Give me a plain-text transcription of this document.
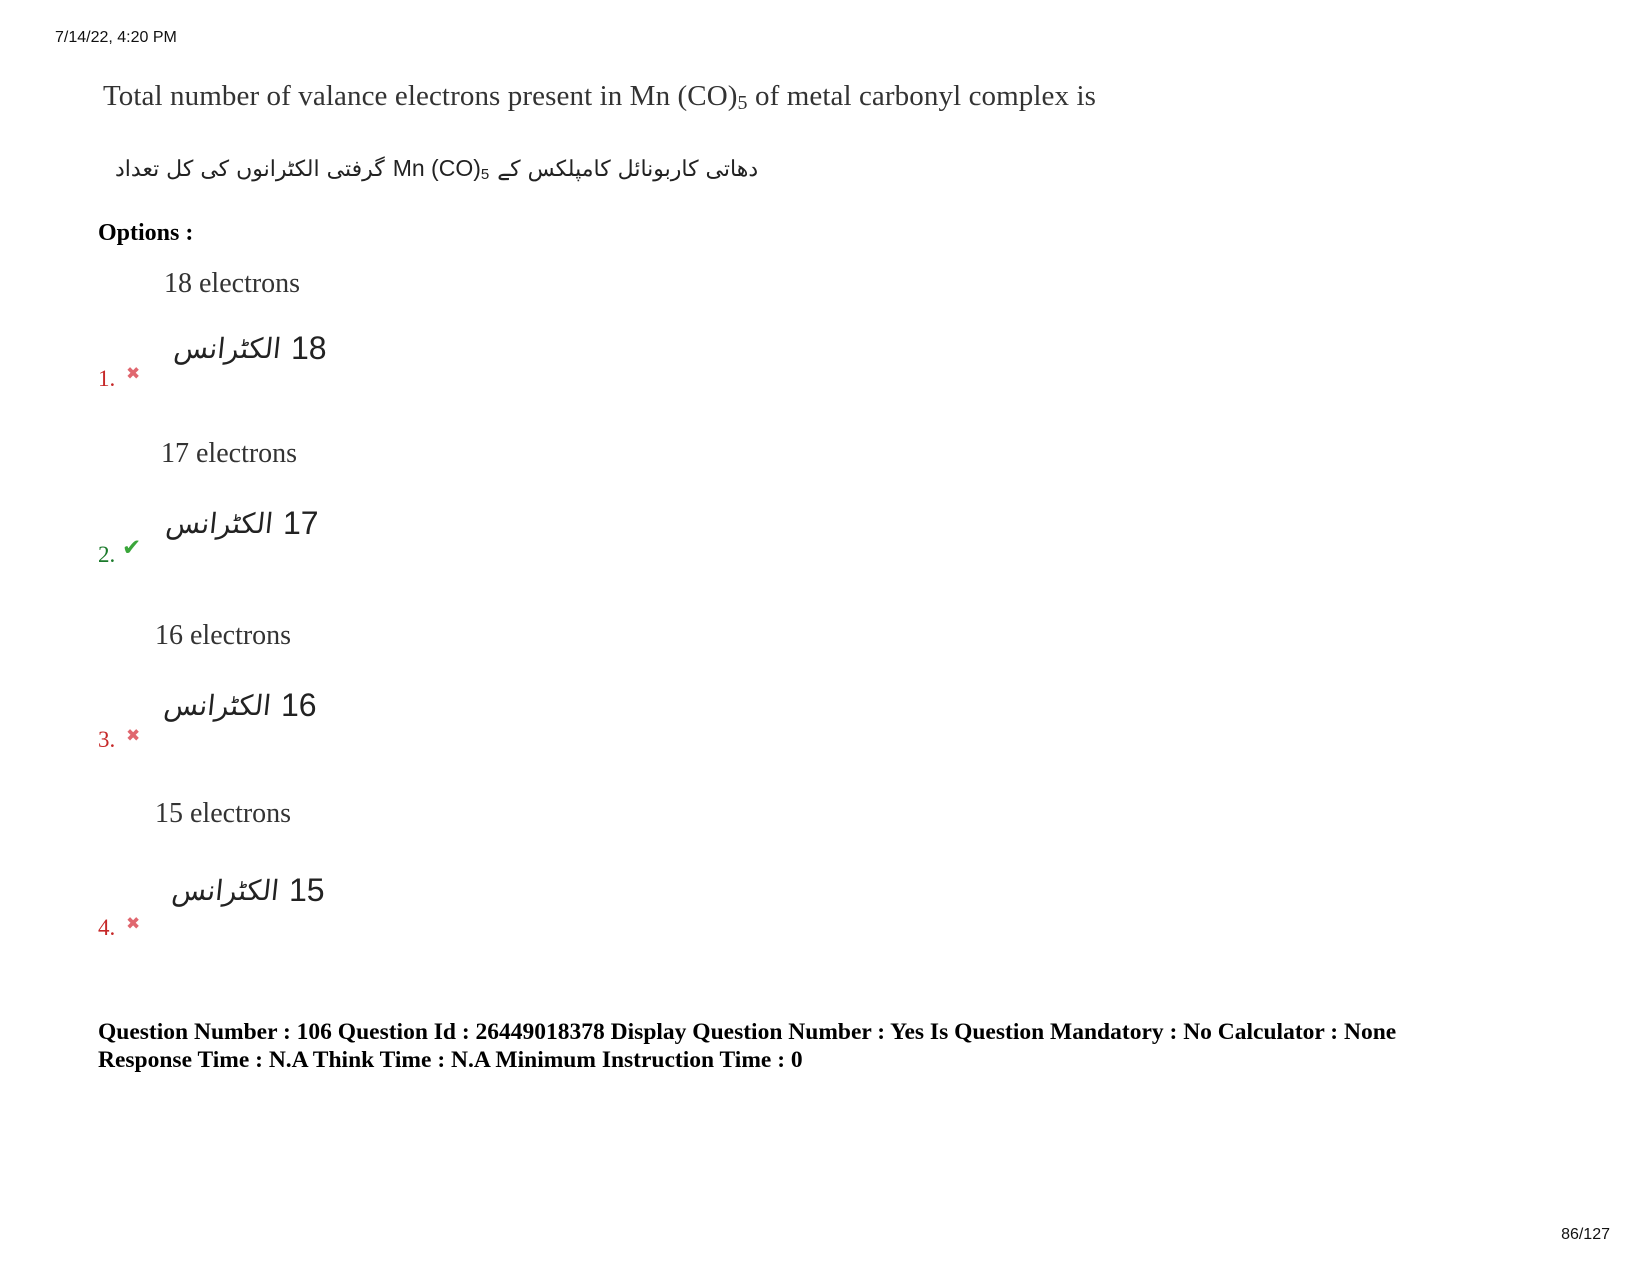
7/14/22, 4:20 PM
Total number of valance electrons present in Mn $(CO)_5$ of metal carbonyl complex is
دھاتی کاربونائل کامپلکس کے
Mn $(CO)_5$
گرفتی الکٹرانوں کی کل تعداد
Options :
18 electrons
الکٹرانس 18
1. ✖
17 electrons
الکٹرانس 17
2. ✔
16 electrons
الکٹرانس 16
3. ✖
15 electrons
الکٹرانس 15
4. ✖
Question Number : 106 Question Id : 26449018378 Display Question Number : Yes Is Question Mandatory : No Calculator : None
Response Time : N.A Think Time : N.A Minimum Instruction Time : 0
86/127
